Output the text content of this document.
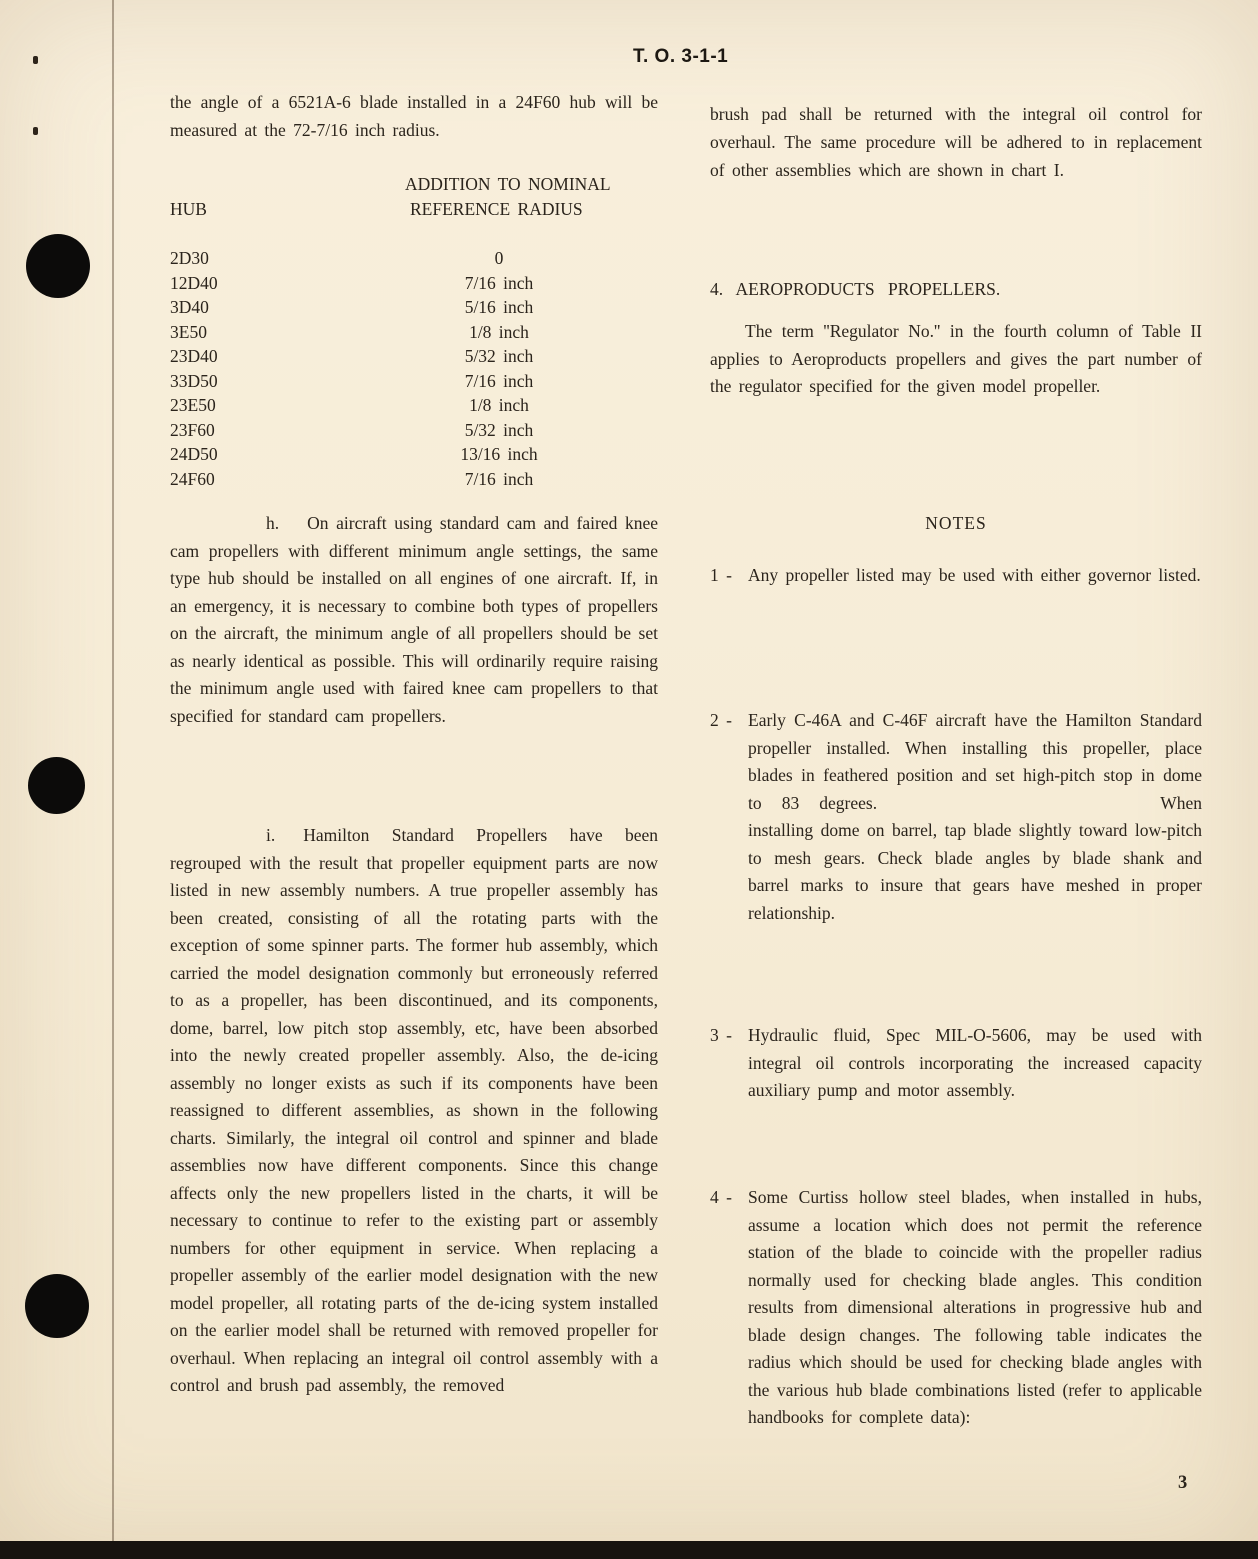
T. O. 3-1-1

the angle of a 6521A-6 blade installed in a 24F60 hub will be measured at the 72-7/16 inch radius.

ADDITION TO NOMINAL
HUB	REFERENCE RADIUS
2D30	0
12D40	7/16 inch
3D40	5/16 inch
3E50	1/8 inch
23D40	5/32 inch
33D50	7/16 inch
23E50	1/8 inch
23F60	5/32 inch
24D50	13/16 inch
24F60	7/16 inch

h. On aircraft using standard cam and faired knee cam propellers with different minimum angle settings, the same type hub should be installed on all engines of one aircraft. If, in an emergency, it is necessary to combine both types of propellers on the aircraft, the minimum angle of all propellers should be set as nearly identical as possible. This will ordinarily require raising the minimum angle used with faired knee cam propellers to that specified for standard cam propellers.

i. Hamilton Standard Propellers have been regrouped with the result that propeller equipment parts are now listed in new assembly numbers. A true propeller assembly has been created, consisting of all the rotating parts with the exception of some spinner parts. The former hub assembly, which carried the model designation commonly but erroneously referred to as a propeller, has been discontinued, and its components, dome, barrel, low pitch stop assembly, etc, have been absorbed into the newly created propeller assembly. Also, the de-icing assembly no longer exists as such if its components have been reassigned to different assemblies, as shown in the following charts. Similarly, the integral oil control and spinner and blade assemblies now have different components. Since this change affects only the new propellers listed in the charts, it will be necessary to continue to refer to the existing part or assembly numbers for other equipment in service. When replacing a propeller assembly of the earlier model designation with the new model propeller, all rotating parts of the de-icing system installed on the earlier model shall be returned with removed propeller for overhaul. When replacing an integral oil control assembly with a control and brush pad assembly, the removed

brush pad shall be returned with the integral oil control for overhaul. The same procedure will be adhered to in replacement of other assemblies which are shown in chart I.

4. AEROPRODUCTS PROPELLERS.

The term ''Regulator No.'' in the fourth column of Table II applies to Aeroproducts propellers and gives the part number of the regulator specified for the given model propeller.

NOTES
1 - Any propeller listed may be used with either governor listed.
2 - Early C-46A and C-46F aircraft have the Hamilton Standard propeller installed. When installing this propeller, place blades in feathered position and set high-pitch stop in dome to 83 degrees.	When installing dome on barrel, tap blade slightly toward low-pitch to mesh gears. Check blade angles by blade shank and barrel marks to insure that gears have meshed in proper relationship.
3 - Hydraulic fluid, Spec MIL-O-5606, may be used with integral oil controls incorporating the increased capacity auxiliary pump and motor assembly.
4 - Some Curtiss hollow steel blades, when installed in hubs, assume a location which does not permit the reference station of the blade to coincide with the propeller radius normally used for checking blade angles. This condition results from dimensional alterations in progressive hub and blade design changes. The following table indicates the radius which should be used for checking blade angles with the various hub blade combinations listed (refer to applicable handbooks for complete data):
3
